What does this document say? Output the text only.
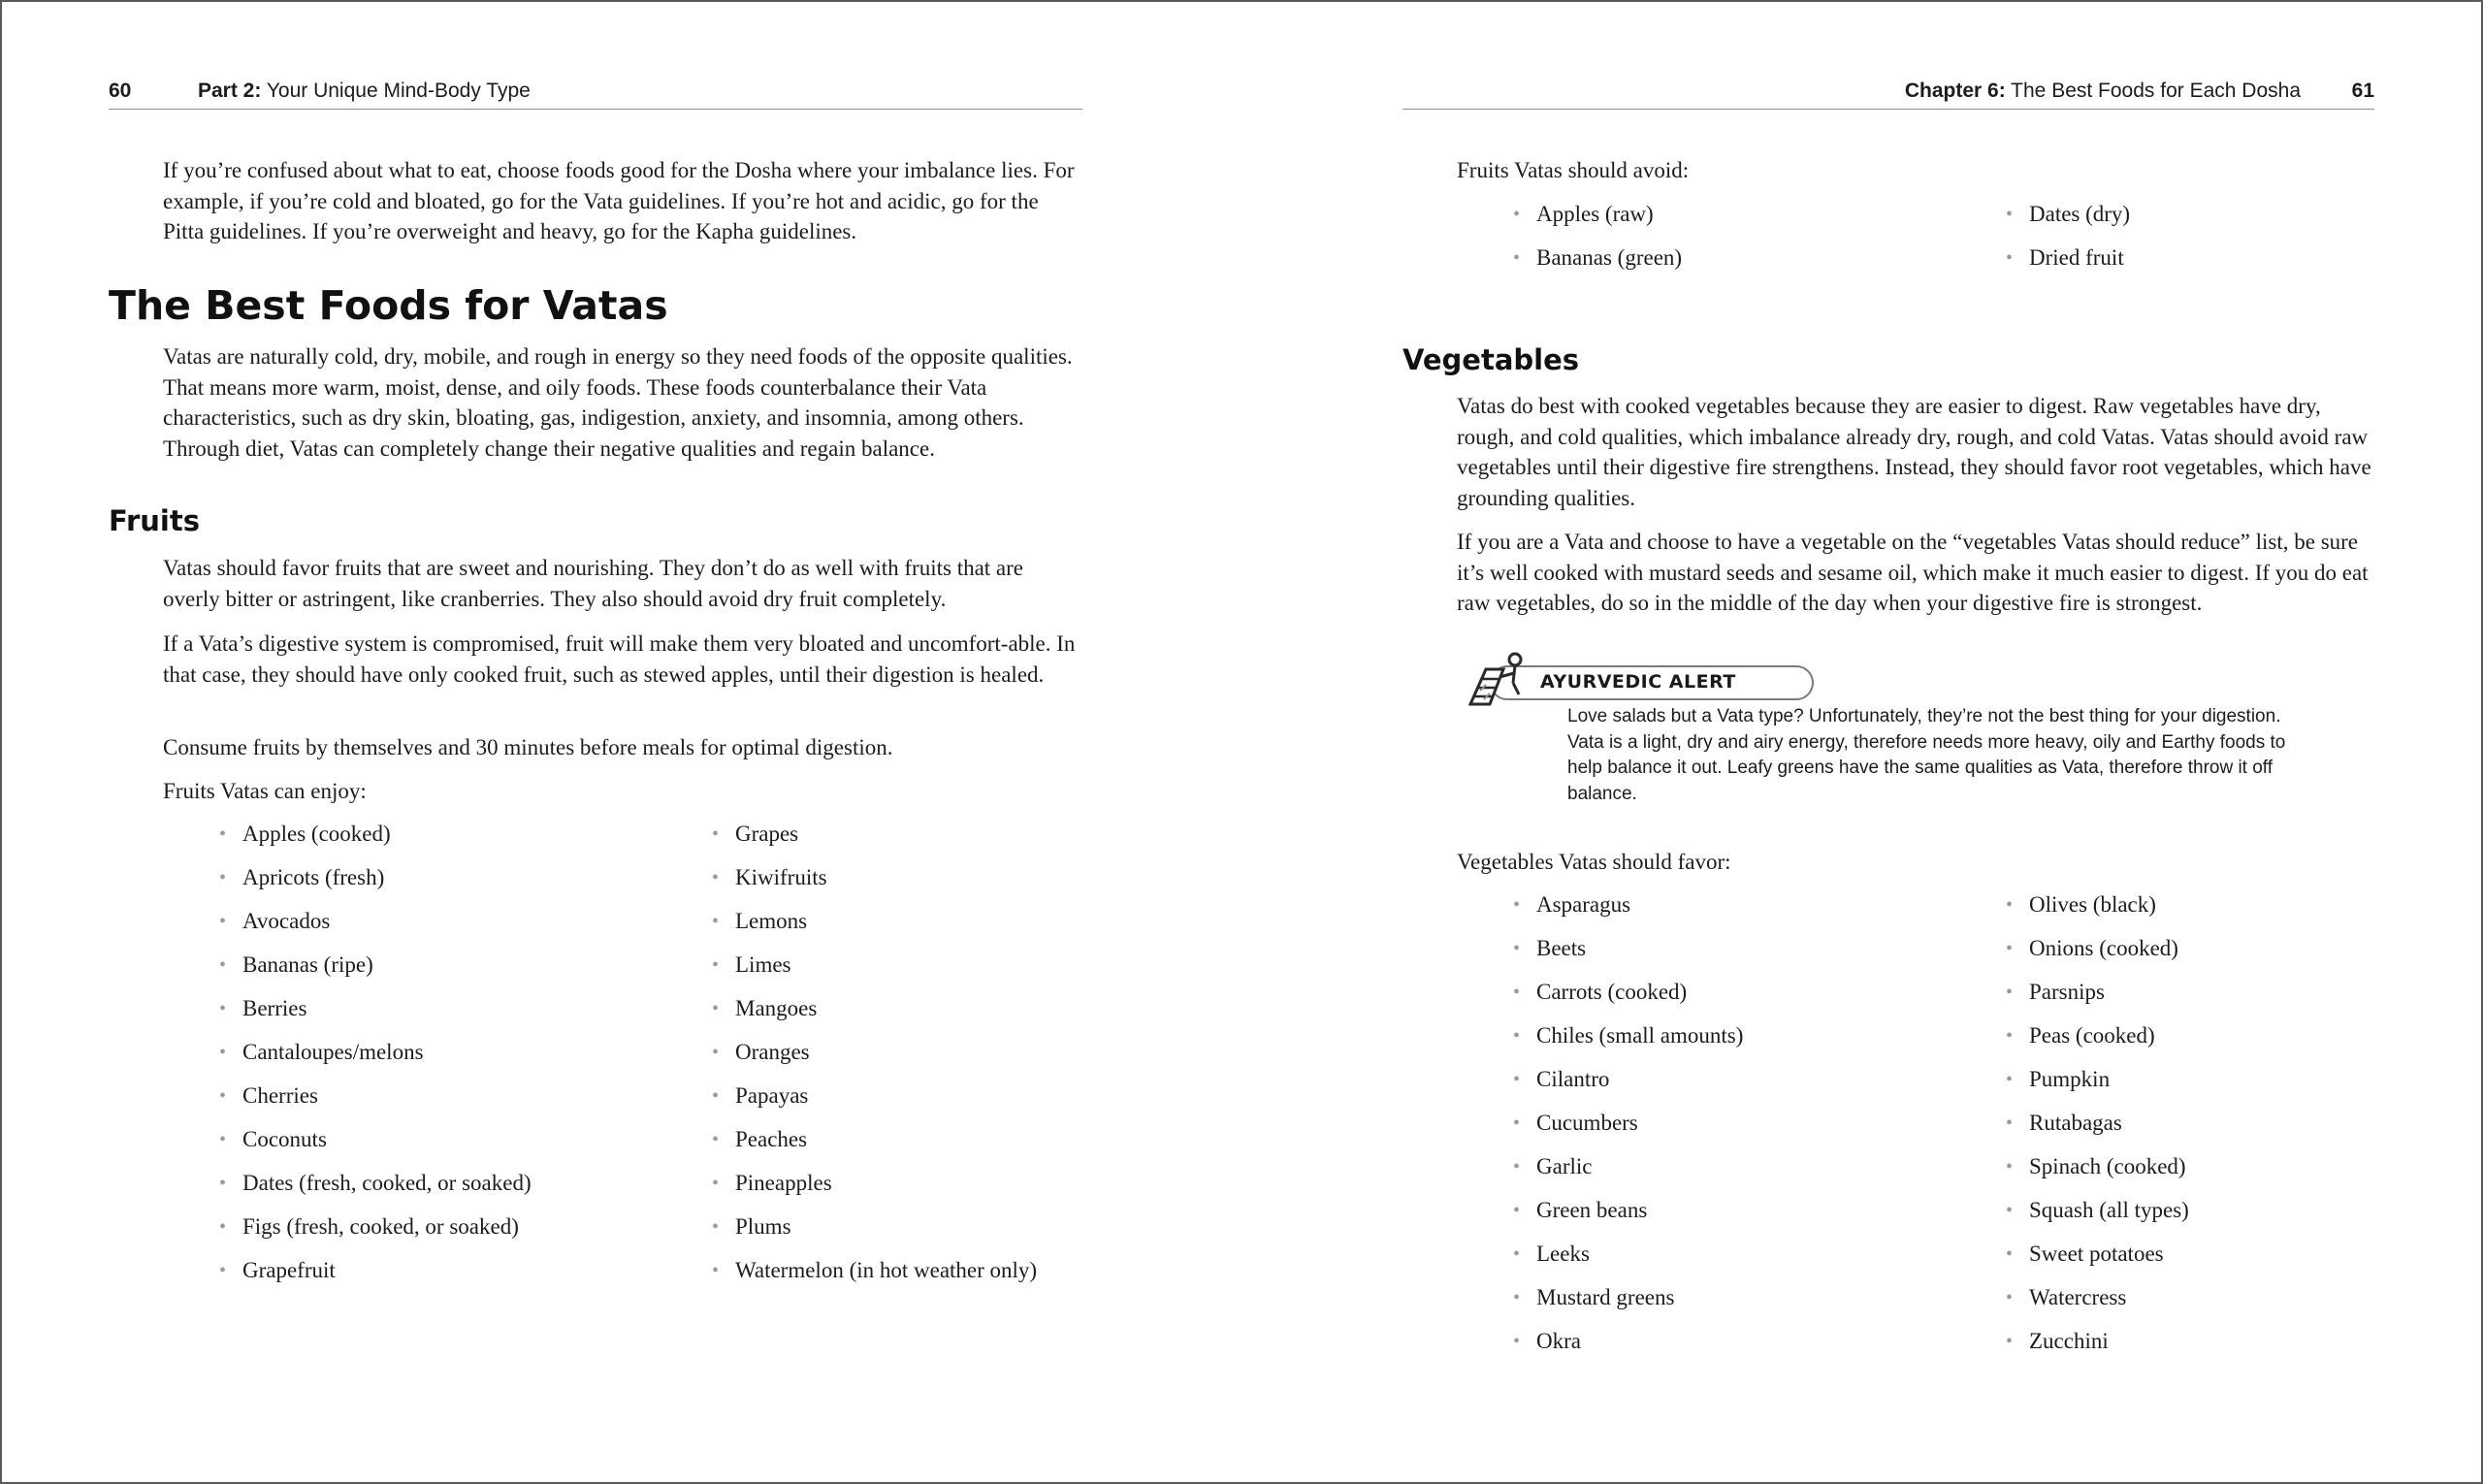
60	Part 2: Your Unique Mind-Body Type

If you’re confused about what to eat, choose foods good for the Dosha where your imbalance lies. For example, if you’re cold and bloated, go for the Vata guidelines. If you’re hot and acidic, go for the Pitta guidelines. If you’re overweight and heavy, go for the Kapha guidelines.

The Best Foods for Vatas

Vatas are naturally cold, dry, mobile, and rough in energy so they need foods of the opposite qualities. That means more warm, moist, dense, and oily foods. These foods counterbalance their Vata characteristics, such as dry skin, bloating, gas, indigestion, anxiety, and insomnia, among others. Through diet, Vatas can completely change their negative qualities and regain balance.

Fruits

Vatas should favor fruits that are sweet and nourishing. They don’t do as well with fruits that are overly bitter or astringent, like cranberries. They also should avoid dry fruit completely.

If a Vata’s digestive system is compromised, fruit will make them very bloated and uncomfort-able. In that case, they should have only cooked fruit, such as stewed apples, until their digestion is healed.

Consume fruits by themselves and 30 minutes before meals for optimal digestion.

Fruits Vatas can enjoy:

• Apples (cooked)
• Apricots (fresh)
• Avocados
• Bananas (ripe)
• Berries
• Cantaloupes/melons
• Cherries
• Coconuts
• Dates (fresh, cooked, or soaked)
• Figs (fresh, cooked, or soaked)
• Grapefruit
• Grapes
• Kiwifruits
• Lemons
• Limes
• Mangoes
• Oranges
• Papayas
• Peaches
• Pineapples
• Plums
• Watermelon (in hot weather only)
Chapter 6: The Best Foods for Each Dosha	61

Fruits Vatas should avoid:

• Apples (raw)
• Bananas (green)
• Dates (dry)
• Dried fruit
Vegetables

Vatas do best with cooked vegetables because they are easier to digest. Raw vegetables have dry, rough, and cold qualities, which imbalance already dry, rough, and cold Vatas. Vatas should avoid raw vegetables until their digestive fire strengthens. Instead, they should favor root vegetables, which have grounding qualities.

If you are a Vata and choose to have a vegetable on the “vegetables Vatas should reduce” list, be sure it’s well cooked with mustard seeds and sesame oil, which make it much easier to digest. If you do eat raw vegetables, do so in the middle of the day when your digestive fire is strongest.

AYURVEDIC ALERT

Love salads but a Vata type? Unfortunately, they’re not the best thing for your digestion. Vata is a light, dry and airy energy, therefore needs more heavy, oily and Earthy foods to help balance it out. Leafy greens have the same qualities as Vata, therefore throw it off balance.

Vegetables Vatas should favor:

• Asparagus
• Beets
• Carrots (cooked)
• Chiles (small amounts)
• Cilantro
• Cucumbers
• Garlic
• Green beans
• Leeks
• Mustard greens
• Okra
• Olives (black)
• Onions (cooked)
• Parsnips
• Peas (cooked)
• Pumpkin
• Rutabagas
• Spinach (cooked)
• Squash (all types)
• Sweet potatoes
• Watercress
• Zucchini
